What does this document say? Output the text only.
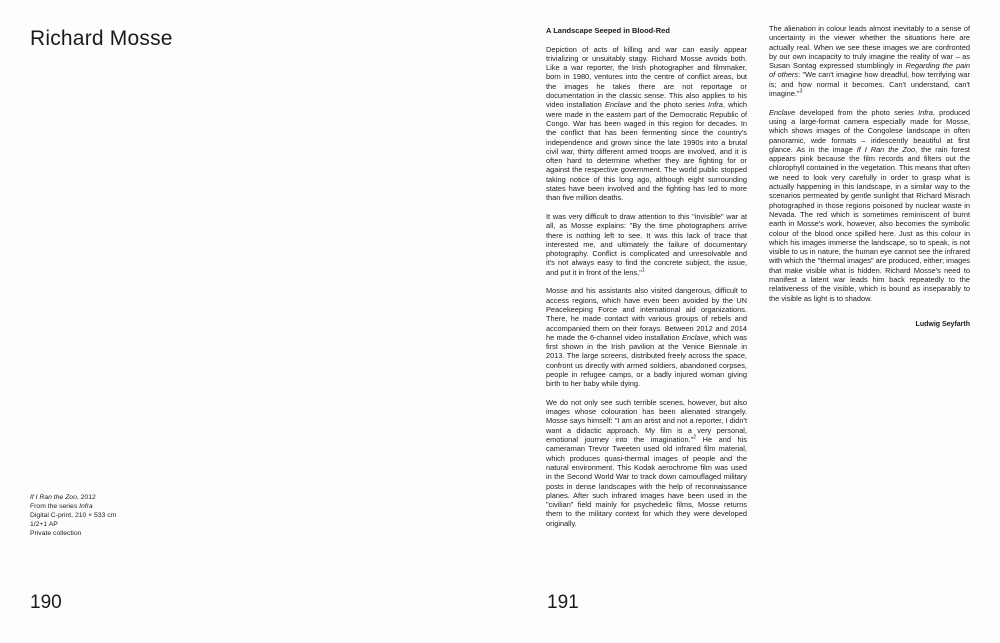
Richard Mosse
If I Ran the Zoo, 2012
From the series Infra
Digital C-print, 210 × 533 cm
1/2+1 AP
Private collection
190
A Landscape Seeped in Blood-Red

Depiction of acts of killing and war can easily appear trivializing or unsuitably stagy. Richard Mosse avoids both. Like a war reporter, the Irish photographer and filmmaker, born in 1980, ventures into the centre of conflict areas, but the images he takes there are not reportage or documentation in the classic sense. This also applies to his video installation Enclave and the photo series Infra, which were made in the eastern part of the Democratic Republic of Congo. War has been waged in this region for decades. In the conflict that has been fermenting since the country's independence and grown since the late 1990s into a brutal civil war, thirty different armed troops are involved, and it is often hard to determine whether they are fighting for or against the respective government. The world public stopped taking notice of this long ago, although eight surrounding states have been involved and the fighting has led to more than five million deaths.

It was very difficult to draw attention to this "invisible" war at all, as Mosse explains: "By the time photographers arrive there is nothing left to see. It was this lack of trace that interested me, and ultimately the failure of documentary photography. Conflict is complicated and unresolvable and it's not always easy to find the concrete subject, the issue, and put it in front of the lens."$^1$

Mosse and his assistants also visited dangerous, difficult to access regions, which have even been avoided by the UN Peacekeeping Force and international aid organizations. There, he made contact with various groups of rebels and accompanied them on their forays. Between 2012 and 2014 he made the 6-channel video installation Enclave, which was first shown in the Irish pavilion at the Venice Biennale in 2013. The large screens, distributed freely across the space, confront us directly with armed soldiers, abandoned corpses, people in refugee camps, or a badly injured woman giving birth to her baby while dying.

We do not only see such terrible scenes, however, but also images whose colouration has been alienated strangely. Mosse says himself: "I am an artist and not a reporter, I didn't want a didactic approach. My film is a very personal, emotional journey into the imagination."$^2$ He and his cameraman Trevor Tweeten used old infrared film material, which produces quasi-thermal images of people and the natural environment. This Kodak aerochrome film was used in the Second World War to track down camouflaged military posts in dense landscapes with the help of reconnaissance planes. After such infrared images have been used in the "civilian" field mainly for psychedelic films, Mosse returns them to the military context for which they were developed originally.

The alienation in colour leads almost inevitably to a sense of uncertainty in the viewer whether the situations here are actually real. When we see these images we are confronted by our own incapacity to truly imagine the reality of war – as Susan Sontag expressed stumblingly in Regarding the pain of others: "We can't imagine how dreadful, how terrifying war is; and how normal it becomes. Can't understand, can't imagine."$^3$

Enclave developed from the photo series Infra, produced using a large-format camera especially made for Mosse, which shows images of the Congolese landscape in often panoramic, wide formats – iridescently beautiful at first glance. As in the image If I Ran the Zoo, the rain forest appears pink because the film records and filters out the chlorophyll contained in the vegetation. This means that often we need to look very carefully in order to grasp what is actually happening in this landscape, in a similar way to the scenarios permeated by gentle sunlight that Richard Misrach photographed in those regions poisoned by nuclear waste in Nevada. The red which is sometimes reminiscent of burnt earth in Mosse's work, however, also becomes the symbolic colour of the blood once spilled here. Just as this colour in which his images immerse the landscape, so to speak, is not visible to us in nature, the human eye cannot see the infrared with which the "thermal images" are produced, either; images that make visible what is hidden. Richard Mosse's need to manifest a latent war leads him back repeatedly to the relativeness of the visible, which is bound as inseparably to the visible as light is to shadow.

Ludwig Seyfarth
191
